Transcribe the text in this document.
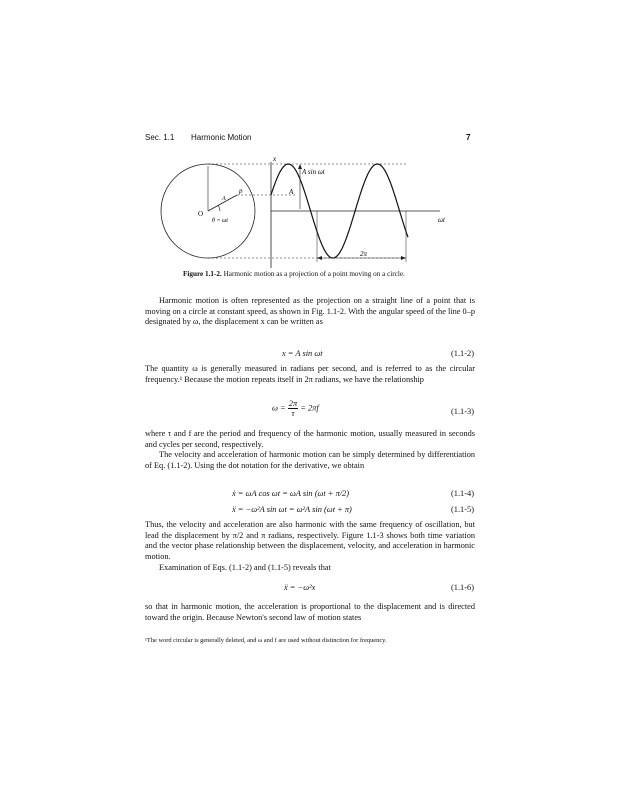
Sec. 1.1 Harmonic Motion	7
x
ωt
A sin ωt
A
A
p
O
θ = ωt
2π
Figure 1.1-2. Harmonic motion as a projection of a point moving on a circle.
Harmonic motion is often represented as the projection on a straight line of a point that is moving on a circle at constant speed, as shown in Fig. 1.1-2. With the angular speed of the line 0–p designated by ω, the displacement x can be written as
x = A sin ωt	(1.1-2)
The quantity ω is generally measured in radians per second, and is referred to as the circular frequency.¹ Because the motion repeats itself in 2π radians, we have the relationship
$\omega = \frac{2\pi}{\tau} = 2\pi f$	(1.1-3)
where τ and f are the period and frequency of the harmonic motion, usually measured in seconds and cycles per second, respectively.
The velocity and acceleration of harmonic motion can be simply determined by differentiation of Eq. (1.1-2). Using the dot notation for the derivative, we obtain
ẋ = ωA cos ωt = ωA sin (ωt + π/2)	(1.1-4)
ẍ = −ω²A sin ωt = ω²A sin (ωt + π)	(1.1-5)
Thus, the velocity and acceleration are also harmonic with the same frequency of oscillation, but lead the displacement by π/2 and π radians, respectively. Figure 1.1-3 shows both time variation and the vector phase relationship between the displacement, velocity, and acceleration in harmonic motion.
Examination of Eqs. (1.1-2) and (1.1-5) reveals that
ẍ = −ω²x	(1.1-6)
so that in harmonic motion, the acceleration is proportional to the displacement and is directed toward the origin. Because Newton's second law of motion states
¹The word circular is generally deleted, and ω and f are used without distinction for frequency.
